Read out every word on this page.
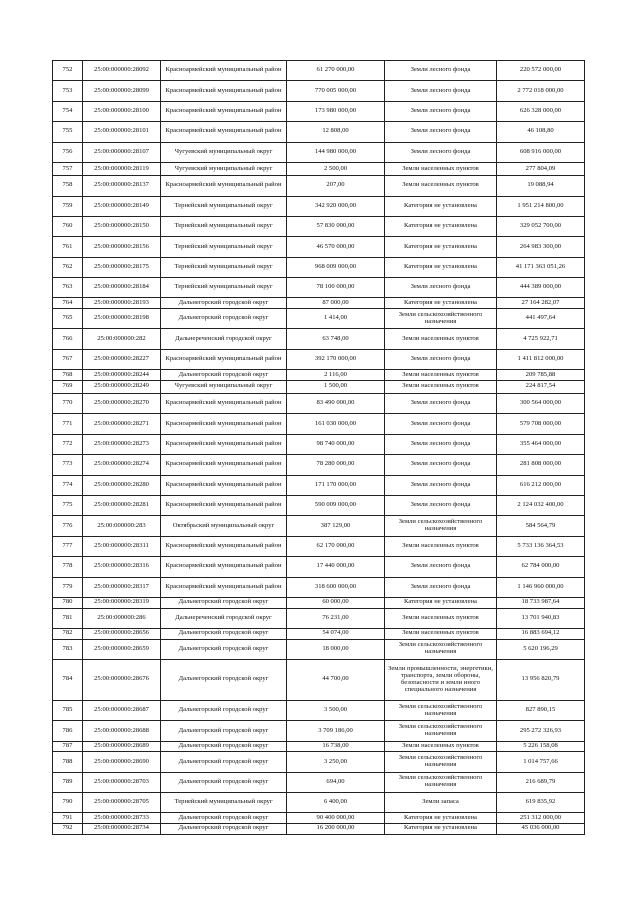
752	25:00:000000:28092	Красноармейский муниципальный район	61 270 000,00	Земли лесного фонда	220 572 000,00
753	25:00:000000:28099	Красноармейский муниципальный район	770 005 000,00	Земли лесного фонда	2 772 018 000,00
754	25:00:000000:28100	Красноармейский муниципальный район	173 980 000,00	Земли лесного фонда	626 328 000,00
755	25:00:000000:28101	Красноармейский муниципальный район	12 808,00	Земли лесного фонда	46 108,80
756	25:00:000000:28107	Чугуевский муниципальный округ	144 980 000,00	Земли лесного фонда	608 916 000,00
757	25:00:000000:28119	Чугуевский муниципальный округ	2 500,00	Земли населенных пунктов	277 804,09
758	25:00:000000:28137	Красноармейский муниципальный район	207,00	Земли населенных пунктов	19 088,94
759	25:00:000000:28149	Тернейский муниципальный округ	342 920 000,00	Категория не установлена	1 951 214 800,00
760	25:00:000000:28150	Тернейский муниципальный округ	57 830 000,00	Категория не установлена	329 052 700,00
761	25:00:000000:28156	Тернейский муниципальный округ	46 570 000,00	Категория не установлена	264 983 300,00
762	25:00:000000:28175	Тернейский муниципальный округ	968 009 000,00	Категория не установлена	41 171 363 051,26
763	25:00:000000:28184	Тернейский муниципальный округ	78 100 000,00	Земли лесного фонда	444 389 000,00
764	25:00:000000:28193	Дальнегорский городской округ	87 000,00	Категория не установлена	27 164 282,07
765	25:00:000000:28198	Дальнегорский городской округ	1 414,00	Земли сельскохозяйственного назначения	441 497,64
766	25:00:000000:282	Дальнереченский городской округ	63 748,00	Земли населенных пунктов	4 725 922,71
767	25:00:000000:28227	Красноармейский муниципальный район	392 170 000,00	Земли лесного фонда	1 411 812 000,00
768	25:00:000000:28244	Дальнегорский городской округ	2 116,00	Земли населенных пунктов	209 785,88
769	25:00:000000:28249	Чугуевский муниципальный округ	1 500,00	Земли населенных пунктов	224 817,54
770	25:00:000000:28270	Красноармейский муниципальный район	83 490 000,00	Земли лесного фонда	300 564 000,00
771	25:00:000000:28271	Красноармейский муниципальный район	161 030 000,00	Земли лесного фонда	579 708 000,00
772	25:00:000000:28273	Красноармейский муниципальный район	98 740 000,00	Земли лесного фонда	355 464 000,00
773	25:00:000000:28274	Красноармейский муниципальный район	78 280 000,00	Земли лесного фонда	281 808 000,00
774	25:00:000000:28280	Красноармейский муниципальный район	171 170 000,00	Земли лесного фонда	616 212 000,00
775	25:00:000000:28281	Красноармейский муниципальный район	590 009 000,00	Земли лесного фонда	2 124 032 400,00
776	25:00:000000:283	Октябрьский муниципальный округ	387 129,00	Земли сельскохозяйственного назначения	584 564,79
777	25:00:000000:28311	Красноармейский муниципальный район	62 170 000,00	Земли населенных пунктов	5 733 136 364,53
778	25:00:000000:28316	Красноармейский муниципальный район	17 440 000,00	Земли лесного фонда	62 784 000,00
779	25:00:000000:28317	Красноармейский муниципальный район	318 600 000,00	Земли лесного фонда	1 146 960 000,00
780	25:00:000000:28319	Дальнегорский городской округ	60 000,00	Категория не установлена	18 733 987,64
781	25:00:000000:286	Дальнереченский городской округ	76 231,00	Земли населенных пунктов	13 701 940,83
782	25:00:000000:28656	Дальнегорский городской округ	54 074,00	Земли населенных пунктов	16 883 694,12
783	25:00:000000:28659	Дальнегорский городской округ	18 000,00	Земли сельскохозяйственного назначения	5 620 196,29
784	25:00:000000:28676	Дальнегорский городской округ	44 700,00	Земли промышленности, энергетики, транспорта, земли обороны, безопасности и земли иного специального назначения	13 956 820,79
785	25:00:000000:28687	Дальнегорский городской округ	3 500,00	Земли сельскохозяйственного назначения	827 890,15
786	25:00:000000:28688	Дальнегорский городской округ	3 709 186,00	Земли сельскохозяйственного назначения	295 272 326,93
787	25:00:000000:28689	Дальнегорский городской округ	16 738,00	Земли населенных пунктов	5 226 158,08
788	25:00:000000:28690	Дальнегорский городской округ	3 250,00	Земли сельскохозяйственного назначения	1 014 757,66
789	25:00:000000:28703	Дальнегорский городской округ	694,00	Земли сельскохозяйственного назначения	216 689,79
790	25:00:000000:28705	Тернейский муниципальный округ	6 400,00	Земли запаса	619 835,92
791	25:00:000000:28733	Дальнегорский городской округ	90 400 000,00	Категория не установлена	251 312 000,00
792	25:00:000000:28734	Дальнегорский городской округ	16 200 000,00	Категория не установлена	45 036 000,00
